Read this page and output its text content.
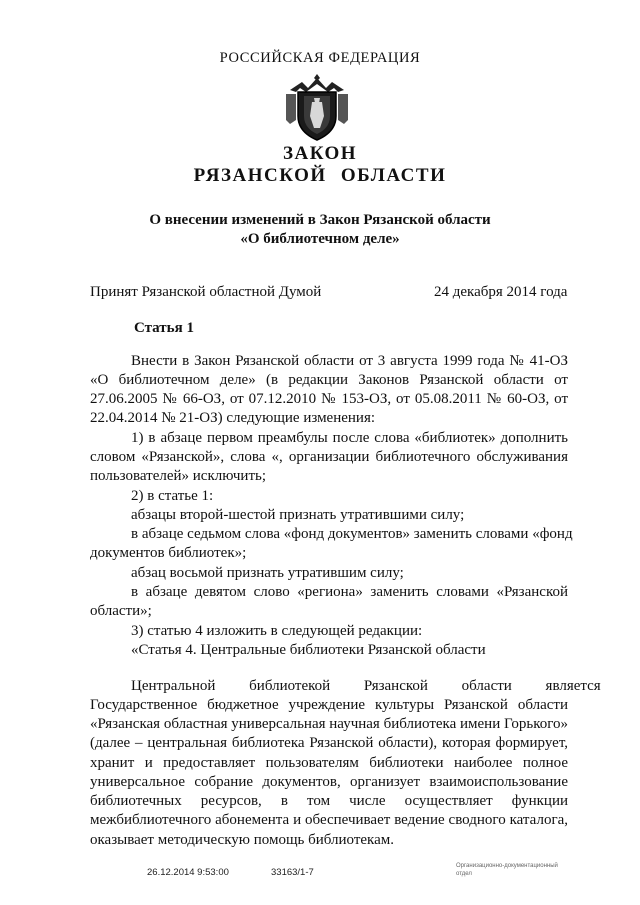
РОССИЙСКАЯ ФЕДЕРАЦИЯ
ЗАКОН
РЯЗАНСКОЙ ОБЛАСТИ
О внесении изменений в Закон Рязанской области
«О библиотечном деле»
Принят Рязанской областной Думой	24 декабря 2014 года
Статья 1
Внести в Закон Рязанской области от 3 августа 1999 года № 41-ОЗ
«О библиотечном деле» (в редакции Законов Рязанской области от
27.06.2005 № 66-ОЗ, от 07.12.2010 № 153-ОЗ, от 05.08.2011 № 60-ОЗ, от
22.04.2014 № 21-ОЗ) следующие изменения:
1) в абзаце первом преамбулы после слова «библиотек» дополнить
словом «Рязанской», слова «, организации библиотечного обслуживания
пользователей» исключить;
2) в статье 1:
абзацы второй-шестой признать утратившими силу;
в абзаце седьмом слова «фонд документов» заменить словами «фонд
документов библиотек»;
абзац восьмой признать утратившим силу;
в абзаце девятом слово «региона» заменить словами «Рязанской
области»;
3) статью 4 изложить в следующей редакции:
«Статья 4. Центральные библиотеки Рязанской области
Центральной библиотекой Рязанской области является
Государственное бюджетное учреждение культуры Рязанской области
«Рязанская областная универсальная научная библиотека имени Горького»
(далее – центральная библиотека Рязанской области), которая формирует,
хранит и предоставляет пользователям библиотеки наиболее полное
универсальное собрание документов, организует взаимоиспользование
библиотечных ресурсов, в том числе осуществляет функции
межбиблиотечного абонемента и обеспечивает ведение сводного каталога,
оказывает методическую помощь библиотекам.
26.12.2014 9:53:00	33163/1-7
Организационно-документационный
отдел
